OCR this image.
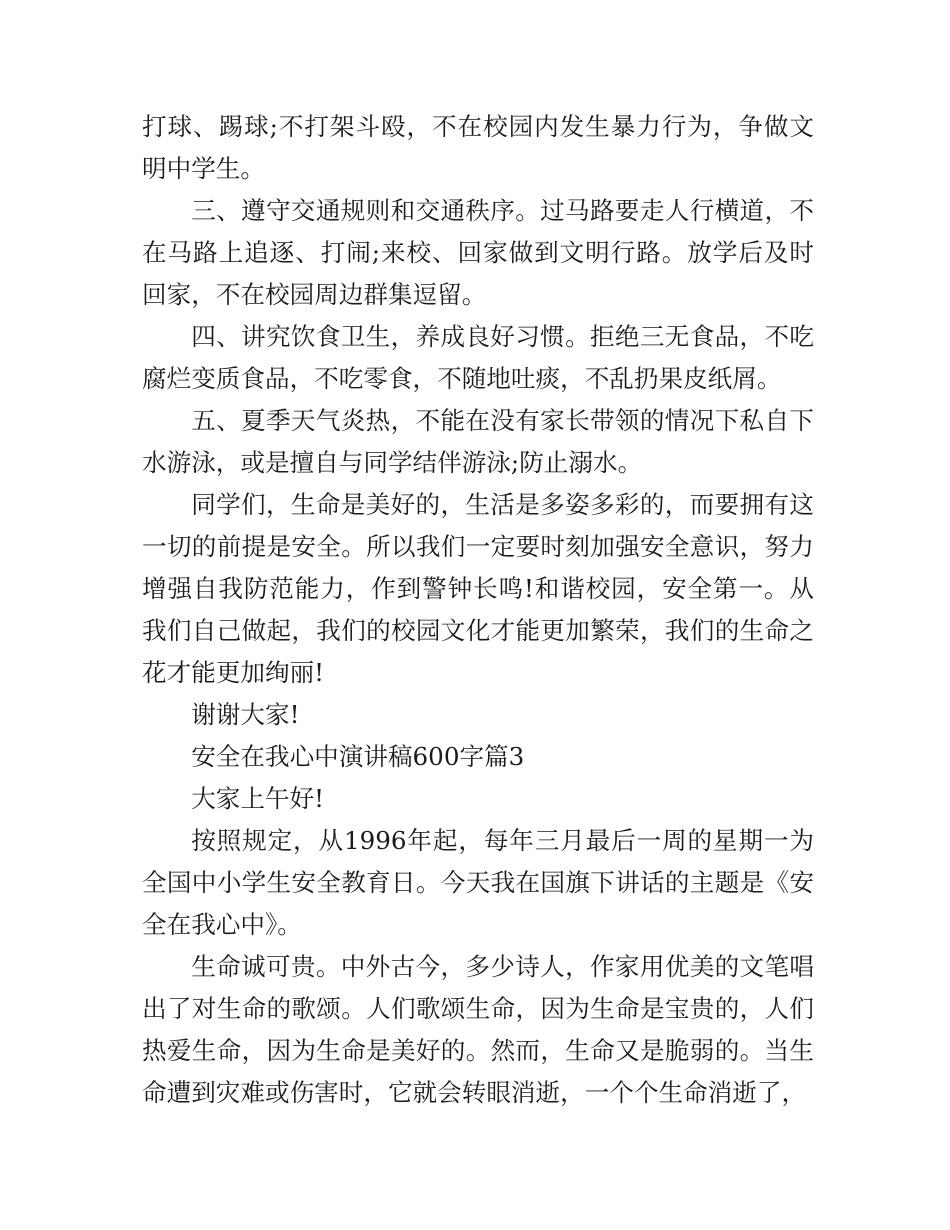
打球、踢球;不打架斗殴，不在校园内发生暴力行为，争做文明中学生。

三、遵守交通规则和交通秩序。过马路要走人行横道，不在马路上追逐、打闹;来校、回家做到文明行路。放学后及时回家，不在校园周边群集逗留。

四、讲究饮食卫生，养成良好习惯。拒绝三无食品，不吃腐烂变质食品，不吃零食，不随地吐痰，不乱扔果皮纸屑。

五、夏季天气炎热，不能在没有家长带领的情况下私自下水游泳，或是擅自与同学结伴游泳;防止溺水。

同学们，生命是美好的，生活是多姿多彩的，而要拥有这一切的前提是安全。所以我们一定要时刻加强安全意识，努力增强自我防范能力，作到警钟长鸣!和谐校园，安全第一。从我们自己做起，我们的校园文化才能更加繁荣，我们的生命之花才能更加绚丽!

谢谢大家!

安全在我心中演讲稿600字篇3

大家上午好!

按照规定，从1996年起，每年三月最后一周的星期一为全国中小学生安全教育日。今天我在国旗下讲话的主题是《安全在我心中》。

生命诚可贵。中外古今，多少诗人，作家用优美的文笔唱出了对生命的歌颂。人们歌颂生命，因为生命是宝贵的，人们热爱生命，因为生命是美好的。然而，生命又是脆弱的。当生命遭到灾难或伤害时，它就会转眼消逝，一个个生命消逝了，
